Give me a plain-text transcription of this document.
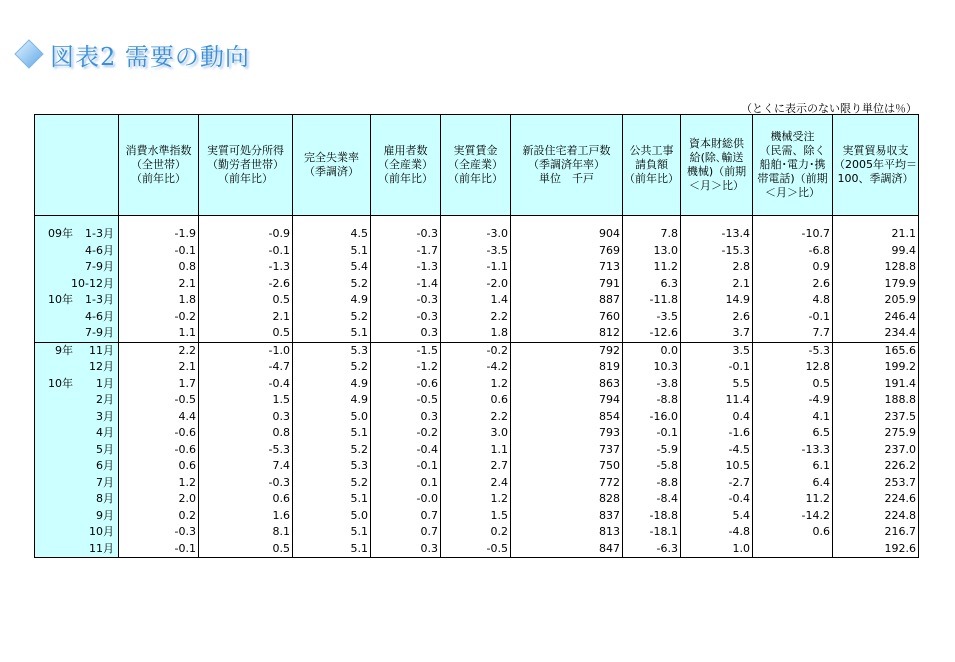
図表2 需要の動向
（とくに表示のない限り単位は％）
	消費水準指数
（全世帯）
（前年比）	実質可処分所得
（勤労者世帯）
（前年比）	完全失業率
（季調済）	雇用者数
（全産業）
（前年比）	実質賃金
（全産業）
（前年比）	新設住宅着工戸数
（季調済年率）
単位　千戸	公共工事
請負額
（前年比）	資本財総供
給(除､輸送
機械)（前期
＜月＞比）	機械受注
（民需、除く
船舶･電力･携
帯電話)（前期
＜月＞比）	実質貿易収支
（2005年平均＝
100、季調済）

09年 1-3月	-1.9	-0.9	4.5	-0.3	-3.0	904	7.8	-13.4	-10.7	21.1

4-6月	-0.1	-0.1	5.1	-1.7	-3.5	769	13.0	-15.3	-6.8	99.4

7-9月	0.8	-1.3	5.4	-1.3	-1.1	713	11.2	2.8	0.9	128.8

10-12月	2.1	-2.6	5.2	-1.4	-2.0	791	6.3	2.1	2.6	179.9

10年 1-3月	1.8	0.5	4.9	-0.3	1.4	887	-11.8	14.9	4.8	205.9

4-6月	-0.2	2.1	5.2	-0.3	2.2	760	-3.5	2.6	-0.1	246.4

7-9月	1.1	0.5	5.1	0.3	1.8	812	-12.6	3.7	7.7	234.4

9年 11月	2.2	-1.0	5.3	-1.5	-0.2	792	0.0	3.5	-5.3	165.6

12月	2.1	-4.7	5.2	-1.2	-4.2	819	10.3	-0.1	12.8	199.2

10年 1月	1.7	-0.4	4.9	-0.6	1.2	863	-3.8	5.5	0.5	191.4

2月	-0.5	1.5	4.9	-0.5	0.6	794	-8.8	11.4	-4.9	188.8

3月	4.4	0.3	5.0	0.3	2.2	854	-16.0	0.4	4.1	237.5

4月	-0.6	0.8	5.1	-0.2	3.0	793	-0.1	-1.6	6.5	275.9

5月	-0.6	-5.3	5.2	-0.4	1.1	737	-5.9	-4.5	-13.3	237.0

6月	0.6	7.4	5.3	-0.1	2.7	750	-5.8	10.5	6.1	226.2

7月	1.2	-0.3	5.2	0.1	2.4	772	-8.8	-2.7	6.4	253.7

8月	2.0	0.6	5.1	-0.0	1.2	828	-8.4	-0.4	11.2	224.6

9月	0.2	1.6	5.0	0.7	1.5	837	-18.8	5.4	-14.2	224.8

10月	-0.3	8.1	5.1	0.7	0.2	813	-18.1	-4.8	0.6	216.7

11月	-0.1	0.5	5.1	0.3	-0.5	847	-6.3	1.0		192.6
